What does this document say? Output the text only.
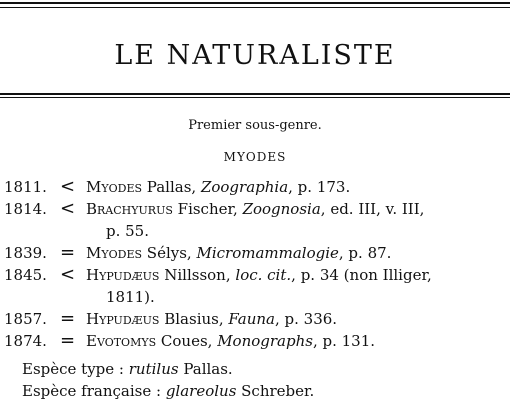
LE NATURALISTE
Premier sous-genre.
MYODES
1811. < Myodes Pallas, Zoographia, p. 173.
1814. < Brachyurus Fischer, Zoognosia, ed. III, v. III,
p. 55.
1839. = Myodes Sélys, Micromammalogie, p. 87.
1845. < Hypudæus Nillsson, loc. cit., p. 34 (non Illiger,
1811).
1857. = Hypudæus Blasius, Fauna, p. 336.
1874. = Evotomys Coues, Monographs, p. 131.
Espèce type : rutilus Pallas.
Espèce française : glareolus Schreber.
